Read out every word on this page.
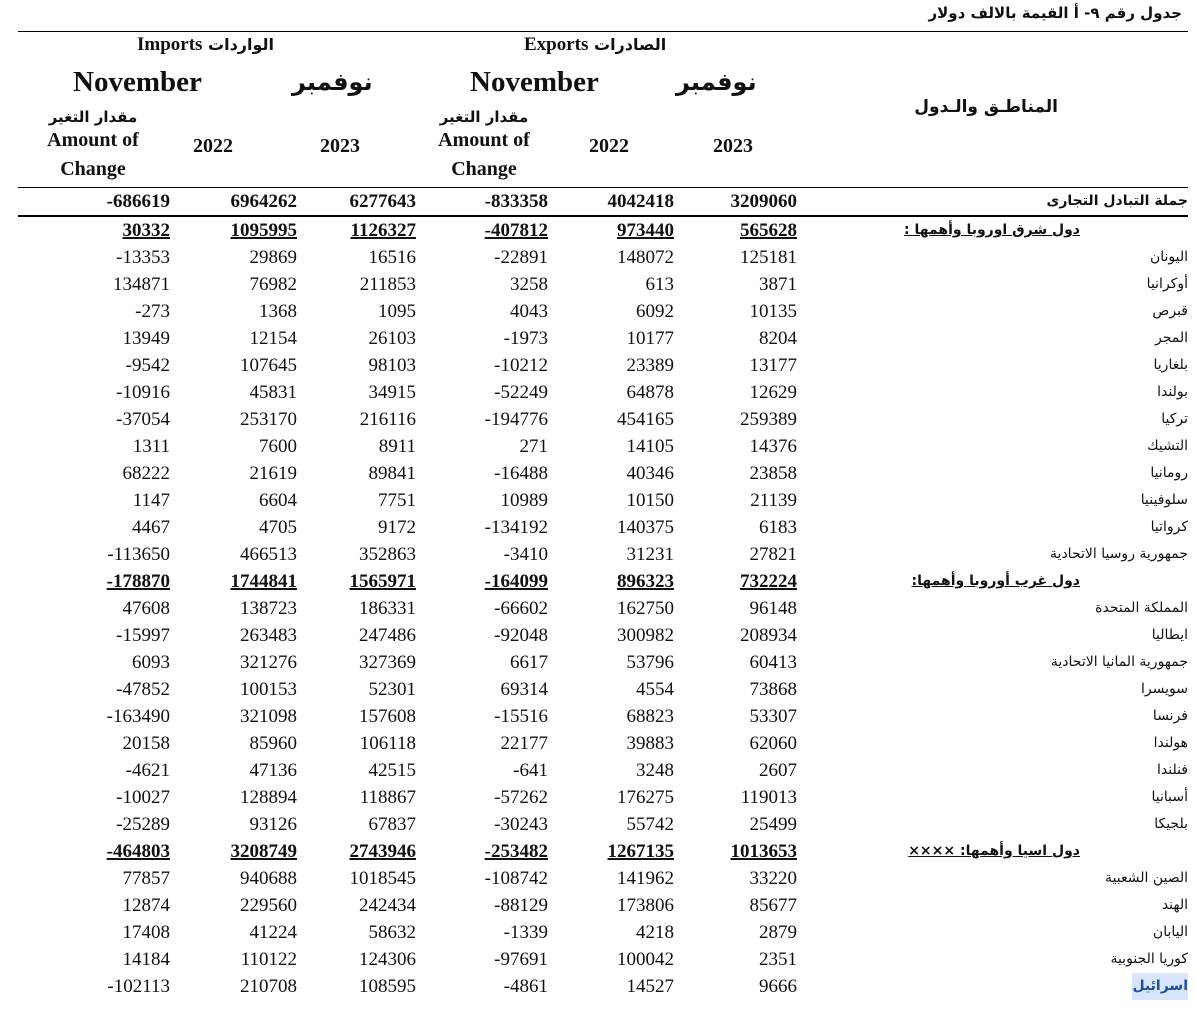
جدول رقم ٩- أ القيمة بالالف دولار
Imports الواردات	Exports الصادرات
November	نوفمبر	November	نوفمبر
المناطـق والـدول
مقدار التغير
Amount of
Change
2022	2023
مقدار التغير
Amount of
Change
2022	2023
-686619	6964262	6277643	-833358	4042418	3209060	جملة التبادل التجارى
30332	1095995	1126327	-407812	973440	565628	دول شرق اوروبا وأهمها :
-13353	29869	16516	-22891	148072	125181	اليونان
134871	76982	211853	3258	613	3871	أوكرانيا
-273	1368	1095	4043	6092	10135	قبرص
13949	12154	26103	-1973	10177	8204	المجر
-9542	107645	98103	-10212	23389	13177	بلغاريا
-10916	45831	34915	-52249	64878	12629	بولندا
-37054	253170	216116	-194776	454165	259389	تركيا
1311	7600	8911	271	14105	14376	التشيك
68222	21619	89841	-16488	40346	23858	رومانيا
1147	6604	7751	10989	10150	21139	سلوفينيا
4467	4705	9172	-134192	140375	6183	كرواتيا
-113650	466513	352863	-3410	31231	27821	جمهورية روسيا الاتحادية
-178870	1744841	1565971	-164099	896323	732224	دول غرب أوروبا وأهمها:
47608	138723	186331	-66602	162750	96148	المملكة المتحدة
-15997	263483	247486	-92048	300982	208934	ايطاليا
6093	321276	327369	6617	53796	60413	جمهورية المانيا الاتحادية
-47852	100153	52301	69314	4554	73868	سويسرا
-163490	321098	157608	-15516	68823	53307	فرنسا
20158	85960	106118	22177	39883	62060	هولندا
-4621	47136	42515	-641	3248	2607	فنلندا
-10027	128894	118867	-57262	176275	119013	أسبانيا
-25289	93126	67837	-30243	55742	25499	بلجيكا
-464803	3208749	2743946	-253482	1267135	1013653	دول اسيا وأهمها: ××××
77857	940688	1018545	-108742	141962	33220	الصين الشعبية
12874	229560	242434	-88129	173806	85677	الهند
17408	41224	58632	-1339	4218	2879	اليابان
14184	110122	124306	-97691	100042	2351	كوريا الجنوبية
-102113	210708	108595	-4861	14527	9666	اسرائيل
